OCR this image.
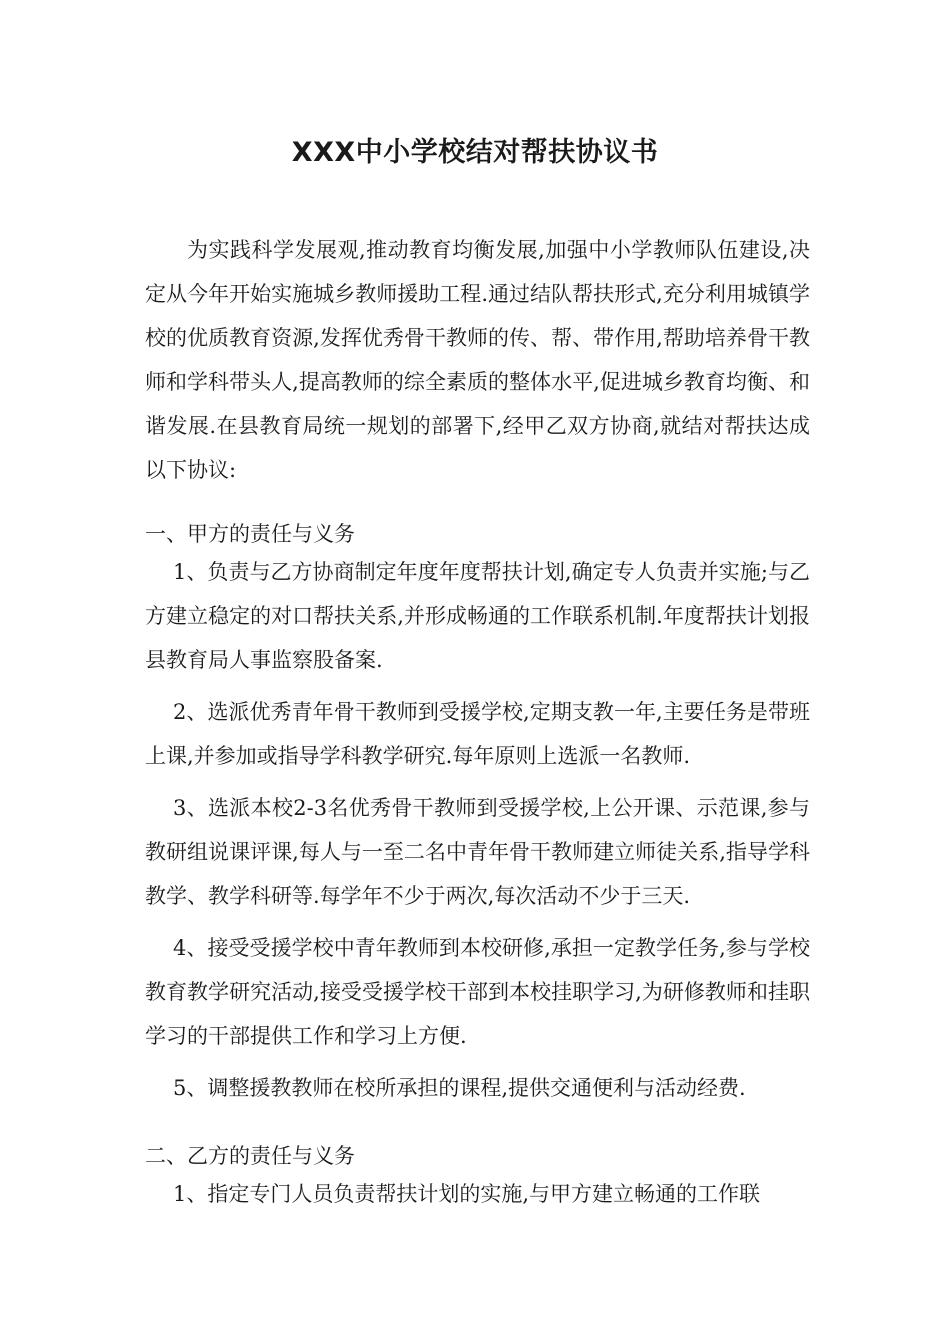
XXX中小学校结对帮扶协议书

为实践科学发展观,推动教育均衡发展,加强中小学教师队伍建设,决定从今年开始实施城乡教师援助工程.通过结队帮扶形式,充分利用城镇学校的优质教育资源,发挥优秀骨干教师的传、帮、带作用,帮助培养骨干教师和学科带头人,提高教师的综全素质的整体水平,促进城乡教育均衡、和谐发展.在县教育局统一规划的部署下,经甲乙双方协商,就结对帮扶达成以下协议:

一、甲方的责任与义务

1、负责与乙方协商制定年度年度帮扶计划,确定专人负责并实施;与乙方建立稳定的对口帮扶关系,并形成畅通的工作联系机制.年度帮扶计划报县教育局人事监察股备案.

2、选派优秀青年骨干教师到受援学校,定期支教一年,主要任务是带班上课,并参加或指导学科教学研究.每年原则上选派一名教师.

3、选派本校2-3名优秀骨干教师到受援学校,上公开课、示范课,参与教研组说课评课,每人与一至二名中青年骨干教师建立师徒关系,指导学科教学、教学科研等.每学年不少于两次,每次活动不少于三天.

4、接受受援学校中青年教师到本校研修,承担一定教学任务,参与学校教育教学研究活动,接受受援学校干部到本校挂职学习,为研修教师和挂职学习的干部提供工作和学习上方便.

5、调整援教教师在校所承担的课程,提供交通便利与活动经费.

二、乙方的责任与义务

1、指定专门人员负责帮扶计划的实施,与甲方建立畅通的工作联
